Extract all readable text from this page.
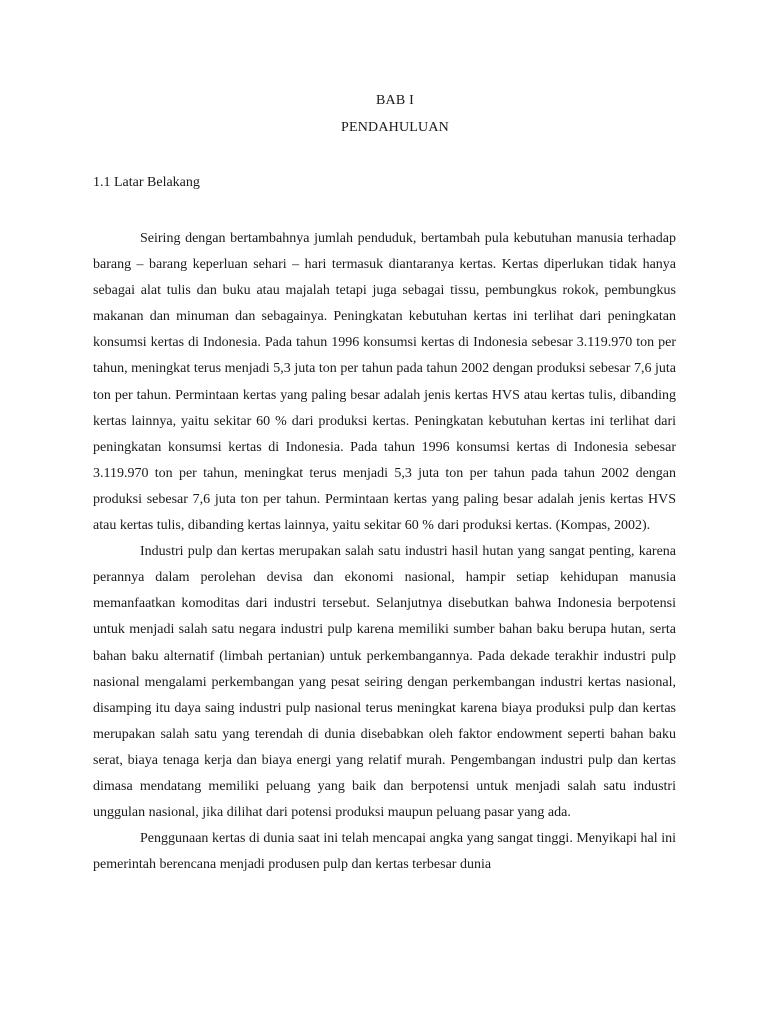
BAB I
PENDAHULUAN
1.1 Latar Belakang

Seiring dengan bertambahnya jumlah penduduk, bertambah pula kebutuhan manusia terhadap barang – barang keperluan sehari – hari termasuk diantaranya kertas. Kertas diperlukan tidak hanya sebagai alat tulis dan buku atau majalah tetapi juga sebagai tissu, pembungkus rokok, pembungkus makanan dan minuman dan sebagainya. Peningkatan kebutuhan kertas ini terlihat dari peningkatan konsumsi kertas di Indonesia. Pada tahun 1996 konsumsi kertas di Indonesia sebesar 3.119.970 ton per tahun, meningkat terus menjadi 5,3 juta ton per tahun pada tahun 2002 dengan produksi sebesar 7,6 juta ton per tahun. Permintaan kertas yang paling besar adalah jenis kertas HVS atau kertas tulis, dibanding kertas lainnya, yaitu sekitar 60 % dari produksi kertas. Peningkatan kebutuhan kertas ini terlihat dari peningkatan konsumsi kertas di Indonesia. Pada tahun 1996 konsumsi kertas di Indonesia sebesar 3.119.970 ton per tahun, meningkat terus menjadi 5,3 juta ton per tahun pada tahun 2002 dengan produksi sebesar 7,6 juta ton per tahun. Permintaan kertas yang paling besar adalah jenis kertas HVS atau kertas tulis, dibanding kertas lainnya, yaitu sekitar 60 % dari produksi kertas. (Kompas, 2002).

Industri pulp dan kertas merupakan salah satu industri hasil hutan yang sangat penting, karena perannya dalam perolehan devisa dan ekonomi nasional, hampir setiap kehidupan manusia memanfaatkan komoditas dari industri tersebut. Selanjutnya disebutkan bahwa Indonesia berpotensi untuk menjadi salah satu negara industri pulp karena memiliki sumber bahan baku berupa hutan, serta bahan baku alternatif (limbah pertanian) untuk perkembangannya. Pada dekade terakhir industri pulp nasional mengalami perkembangan yang pesat seiring dengan perkembangan industri kertas nasional, disamping itu daya saing industri pulp nasional terus meningkat karena biaya produksi pulp dan kertas merupakan salah satu yang terendah di dunia disebabkan oleh faktor endowment seperti bahan baku serat, biaya tenaga kerja dan biaya energi yang relatif murah. Pengembangan industri pulp dan kertas dimasa mendatang memiliki peluang yang baik dan berpotensi untuk menjadi salah satu industri unggulan nasional, jika dilihat dari potensi produksi maupun peluang pasar yang ada.

Penggunaan kertas di dunia saat ini telah mencapai angka yang sangat tinggi. Menyikapi hal ini pemerintah berencana menjadi produsen pulp dan kertas terbesar dunia
